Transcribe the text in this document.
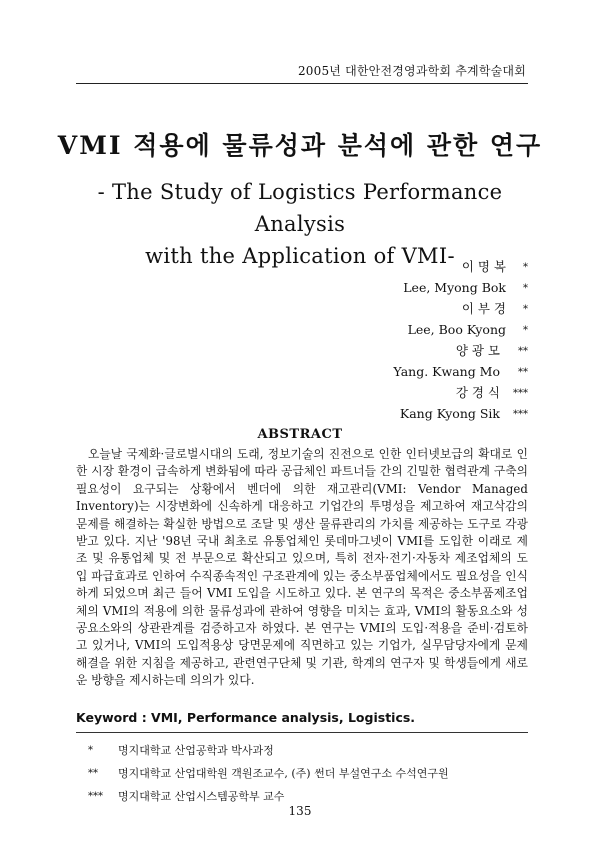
2005년 대한안전경영과학회 추계학술대회
VMI 적용에 물류성과 분석에 관한 연구
- The Study of Logistics Performance Analysis
with the Application of VMI- 이 명 복 *
Lee, Myong Bok *
이 부 경 *
Lee, Boo Kyong *
양 광 모 **
Yang. Kwang Mo **
강 경 식 ***
Kang Kyong Sik ***
ABSTRACT
오늘날 국제화·글로벌시대의 도래, 정보기술의 진전으로 인한 인터넷보급의 확대로 인한 시장 환경이 급속하게 변화됨에 따라 공급체인 파트너들 간의 긴밀한 협력관계 구축의 필요성이 요구되는 상황에서 벤더에 의한 재고관리(VMI: Vendor Managed Inventory)는 시장변화에 신속하게 대응하고 기업간의 투명성을 제고하여 재고삭감의 문제를 해결하는 확실한 방법으로 조달 및 생산 물류관리의 가치를 제공하는 도구로 각광받고 있다. 지난 '98년 국내 최초로 유통업체인 롯데마그넷이 VMI를 도입한 이래로 제조 및 유통업체 및 전 부문으로 확산되고 있으며, 특히 전자·전기·자동차 제조업체의 도입 파급효과로 인하여 수직종속적인 구조관계에 있는 중소부품업체에서도 필요성을 인식하게 되었으며 최근 들어 VMI 도입을 시도하고 있다. 본 연구의 목적은 중소부품제조업체의 VMI의 적용에 의한 물류성과에 관하여 영향을 미치는 효과, VMI의 활동요소와 성공요소와의 상관관계를 검증하고자 하였다. 본 연구는 VMI의 도입·적용을 준비·검토하고 있거나, VMI의 도입적용상 당면문제에 직면하고 있는 기업가, 실무담당자에게 문제해결을 위한 지침을 제공하고, 관련연구단체 및 기관, 학계의 연구자 및 학생들에게 새로운 방향을 제시하는데 의의가 있다.
Keyword : VMI, Performance analysis, Logistics.
*	명지대학교 산업공학과 박사과정
**	명지대학교 산업대학원 객원조교수, (주) 썬더 부설연구소 수석연구원
***	명지대학교 산업시스템공학부 교수
135
